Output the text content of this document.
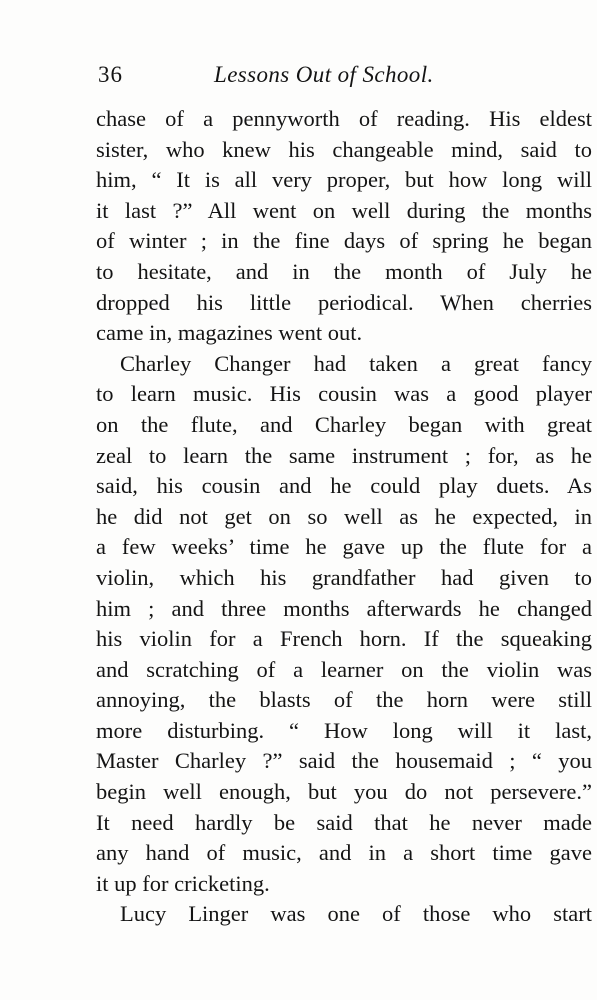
36	Lessons Out of School.
chase of a pennyworth of reading. His eldest
sister, who knew his changeable mind, said to
him, “ It is all very proper, but how long will
it last ?” All went on well during the months
of winter ; in the fine days of spring he began
to hesitate, and in the month of July he
dropped his little periodical. When cherries
came in, magazines went out.
Charley Changer had taken a great fancy
to learn music. His cousin was a good player
on the flute, and Charley began with great
zeal to learn the same instrument ; for, as he
said, his cousin and he could play duets. As
he did not get on so well as he expected, in
a few weeks’ time he gave up the flute for a
violin, which his grandfather had given to
him ; and three months afterwards he changed
his violin for a French horn. If the squeaking
and scratching of a learner on the violin was
annoying, the blasts of the horn were still
more disturbing. “ How long will it last,
Master Charley ?” said the housemaid ; “ you
begin well enough, but you do not persevere.”
It need hardly be said that he never made
any hand of music, and in a short time gave
it up for cricketing.
Lucy Linger was one of those who start
